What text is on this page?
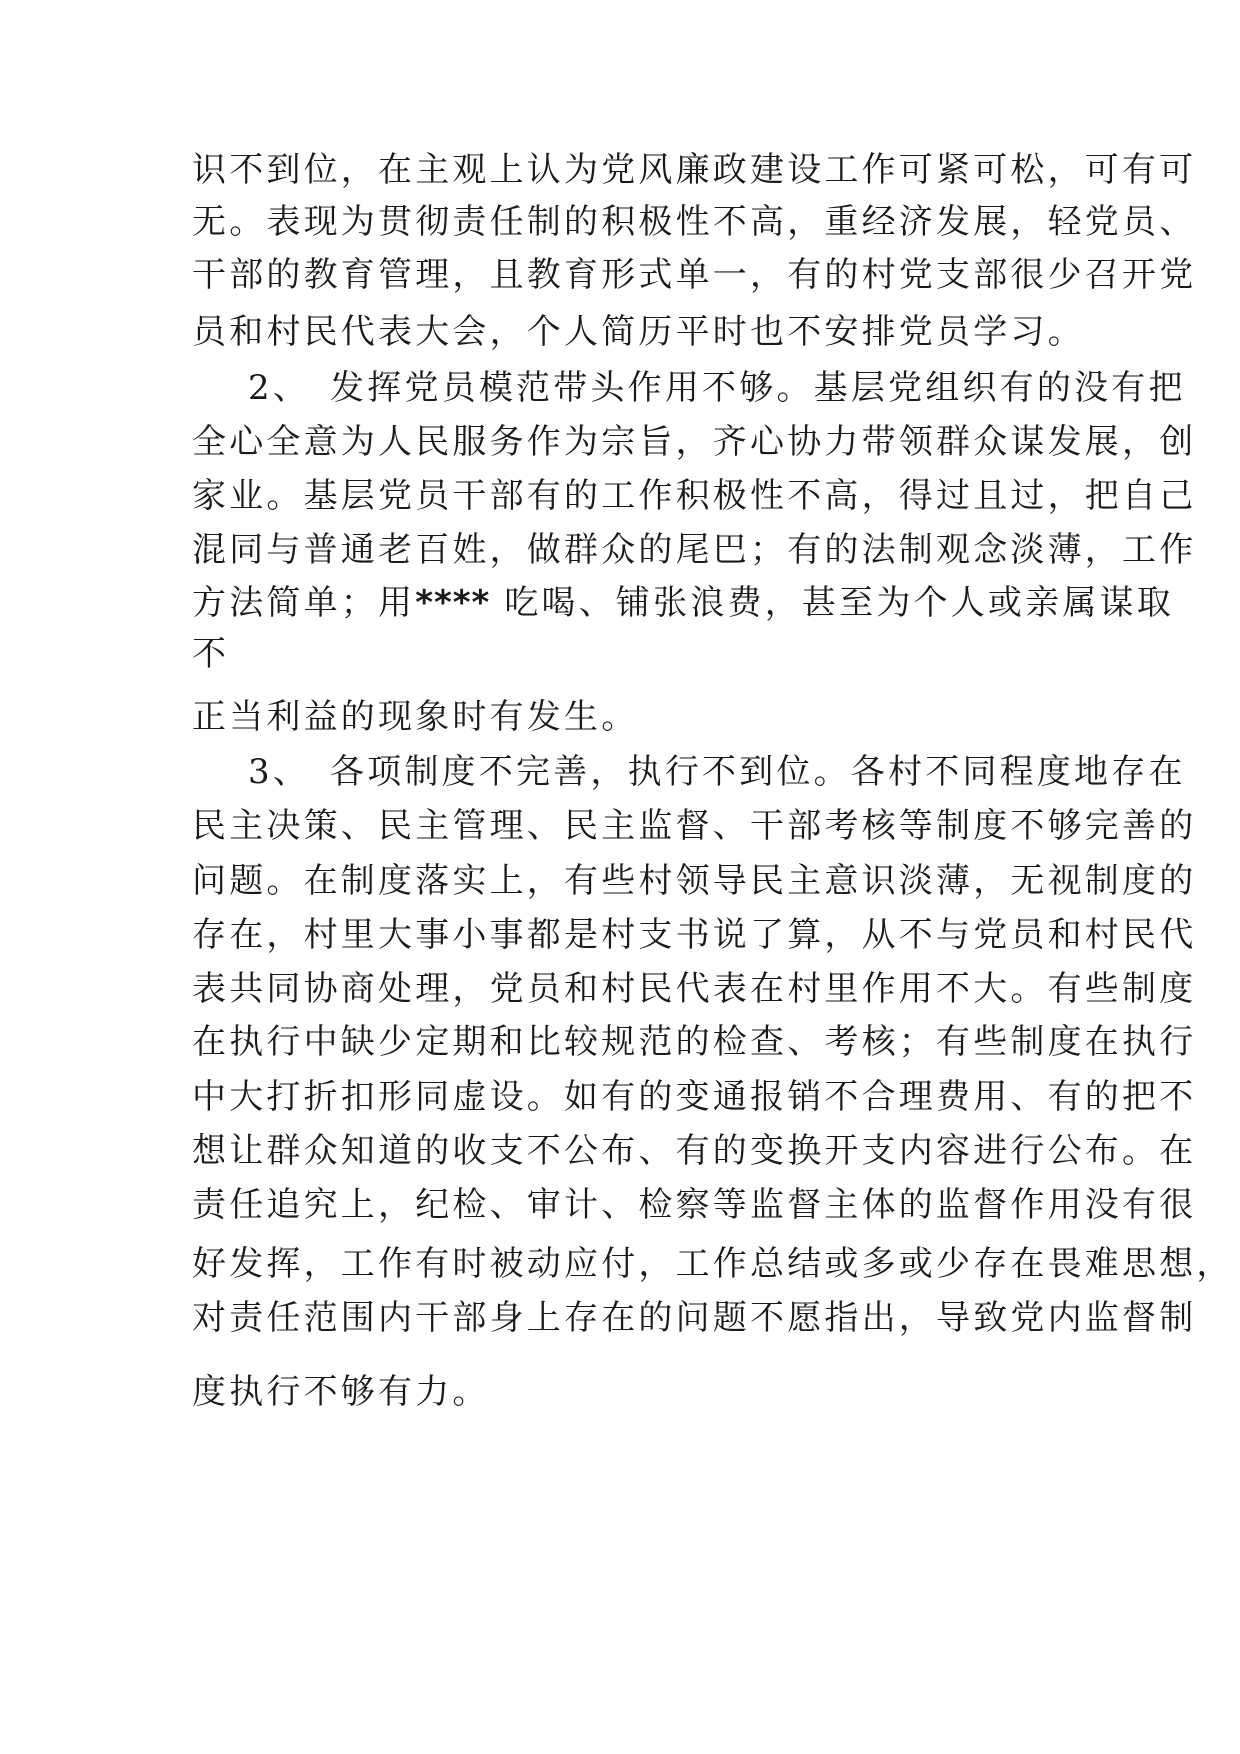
识不到位，在主观上认为党风廉政建设工作可紧可松，可有可
无。表现为贯彻责任制的积极性不高，重经济发展，轻党员、
干部的教育管理，且教育形式单一，有的村党支部很少召开党
员和村民代表大会，个人简历平时也不安排党员学习。
2、 发挥党员模范带头作用不够。基层党组织有的没有把
全心全意为人民服务作为宗旨，齐心协力带领群众谋发展，创
家业。基层党员干部有的工作积极性不高，得过且过，把自己
混同与普通老百姓，做群众的尾巴；有的法制观念淡薄，工作
方法简单；用**** 吃喝、铺张浪费，甚至为个人或亲属谋取
不
正当利益的现象时有发生。
3、 各项制度不完善，执行不到位。各村不同程度地存在
民主决策、民主管理、民主监督、干部考核等制度不够完善的
问题。在制度落实上，有些村领导民主意识淡薄，无视制度的
存在，村里大事小事都是村支书说了算，从不与党员和村民代
表共同协商处理，党员和村民代表在村里作用不大。有些制度
在执行中缺少定期和比较规范的检查、考核；有些制度在执行
中大打折扣形同虚设。如有的变通报销不合理费用、有的把不
想让群众知道的收支不公布、有的变换开支内容进行公布。在
责任追究上，纪检、审计、检察等监督主体的监督作用没有很
好发挥，工作有时被动应付，工作总结或多或少存在畏难思想，
对责任范围内干部身上存在的问题不愿指出，导致党内监督制
度执行不够有力。
